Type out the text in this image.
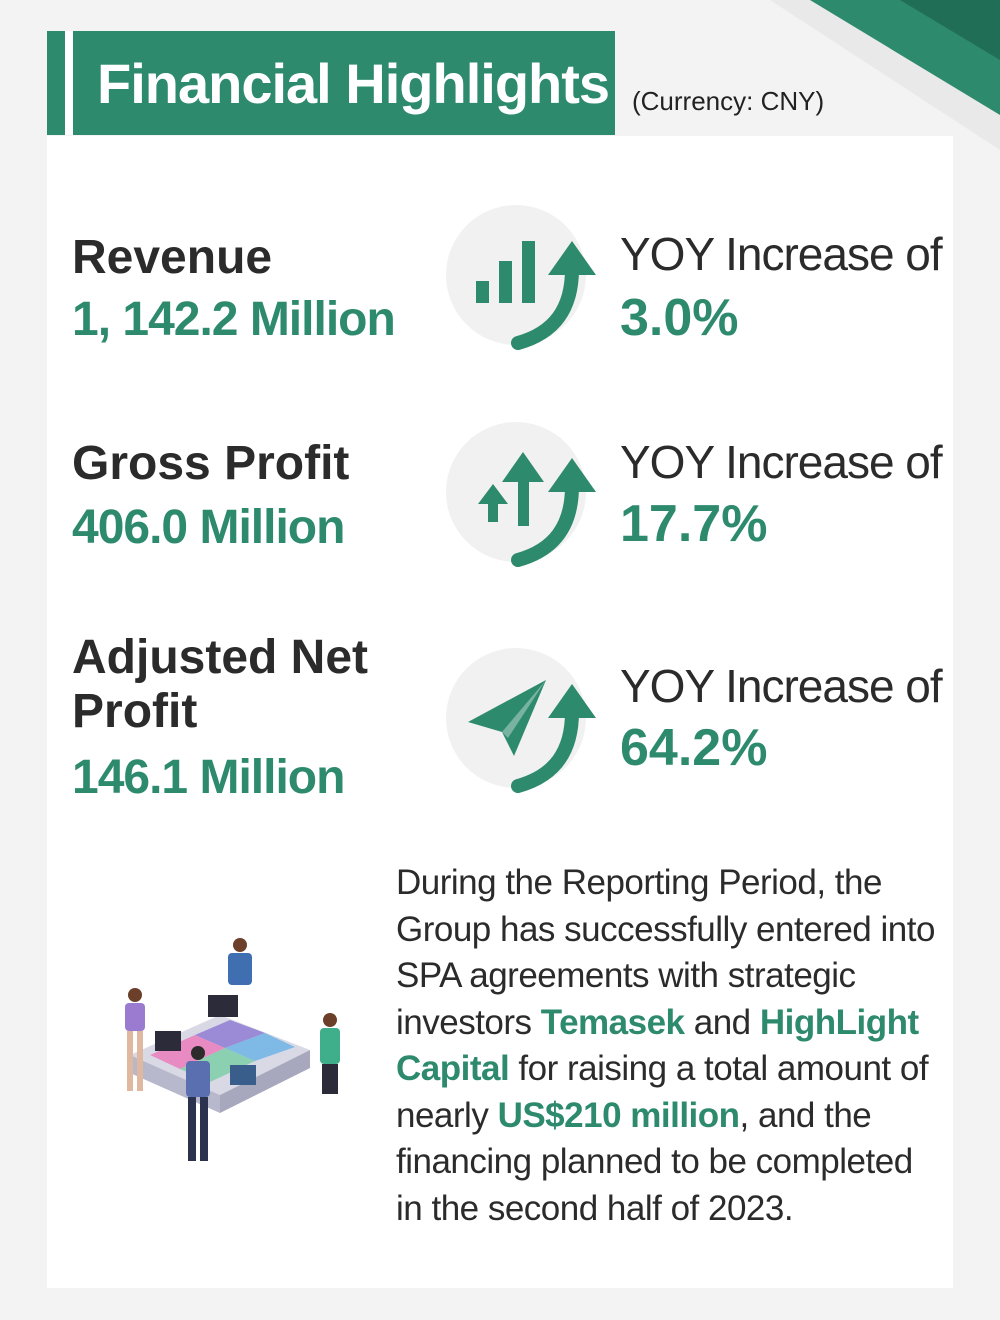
Financial Highlights (Currency: CNY)
Revenue
1, 142.2 Million
YOY Increase of
3.0%
Gross Profit
406.0 Million
YOY Increase of
17.7%
Adjusted Net
Profit
146.1 Million
YOY Increase of
64.2%
During the Reporting Period, the Group has successfully entered into SPA agreements with strategic investors Temasek and HighLight Capital for raising a total amount of nearly US$210 million, and the financing planned to be completed in the second half of 2023.
